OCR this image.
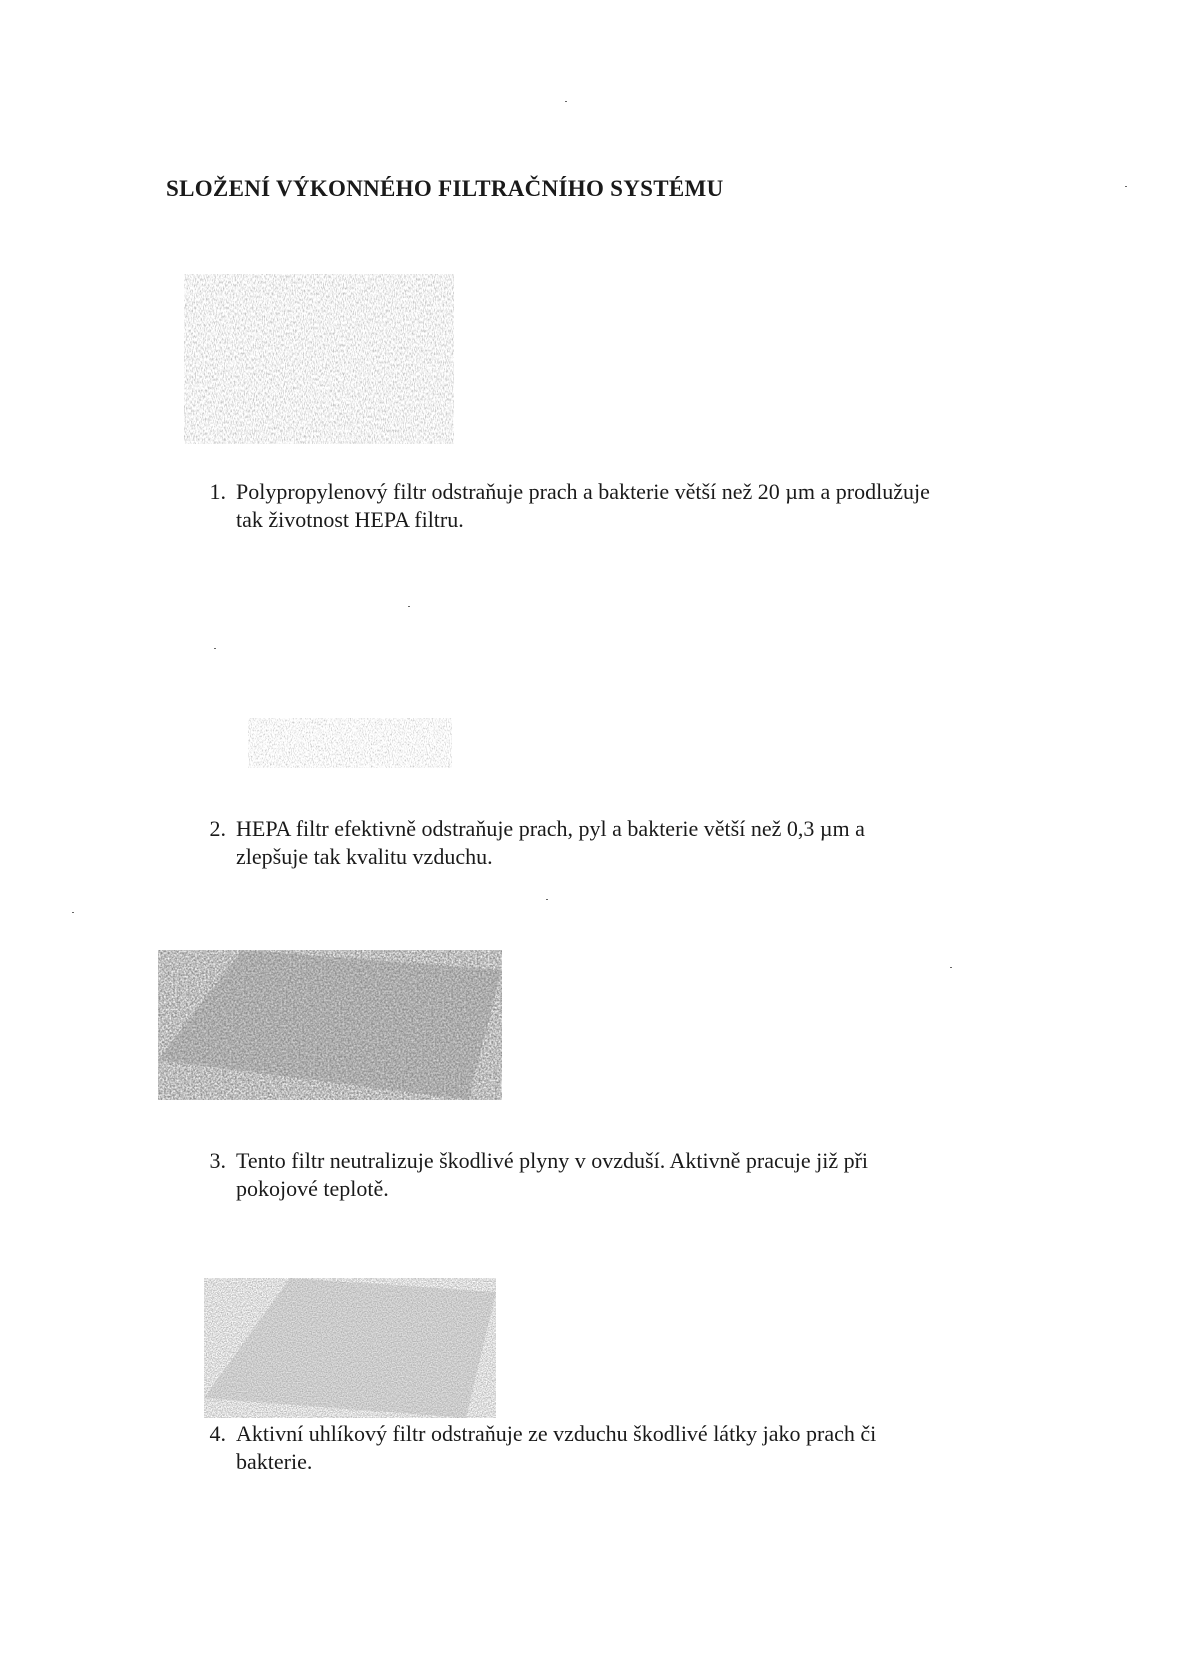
SLOŽENÍ VÝKONNÉHO FILTRAČNÍHO SYSTÉMU
1. Polypropylenový filtr odstraňuje prach a bakterie větší než 20 µm a prodlužuje
tak životnost HEPA filtru.
2. HEPA filtr efektivně odstraňuje prach, pyl a bakterie větší než 0,3 µm a
zlepšuje tak kvalitu vzduchu.
3. Tento filtr neutralizuje škodlivé plyny v ovzduší. Aktivně pracuje již při
pokojové teplotě.
4. Aktivní uhlíkový filtr odstraňuje ze vzduchu škodlivé látky jako prach či
bakterie.
